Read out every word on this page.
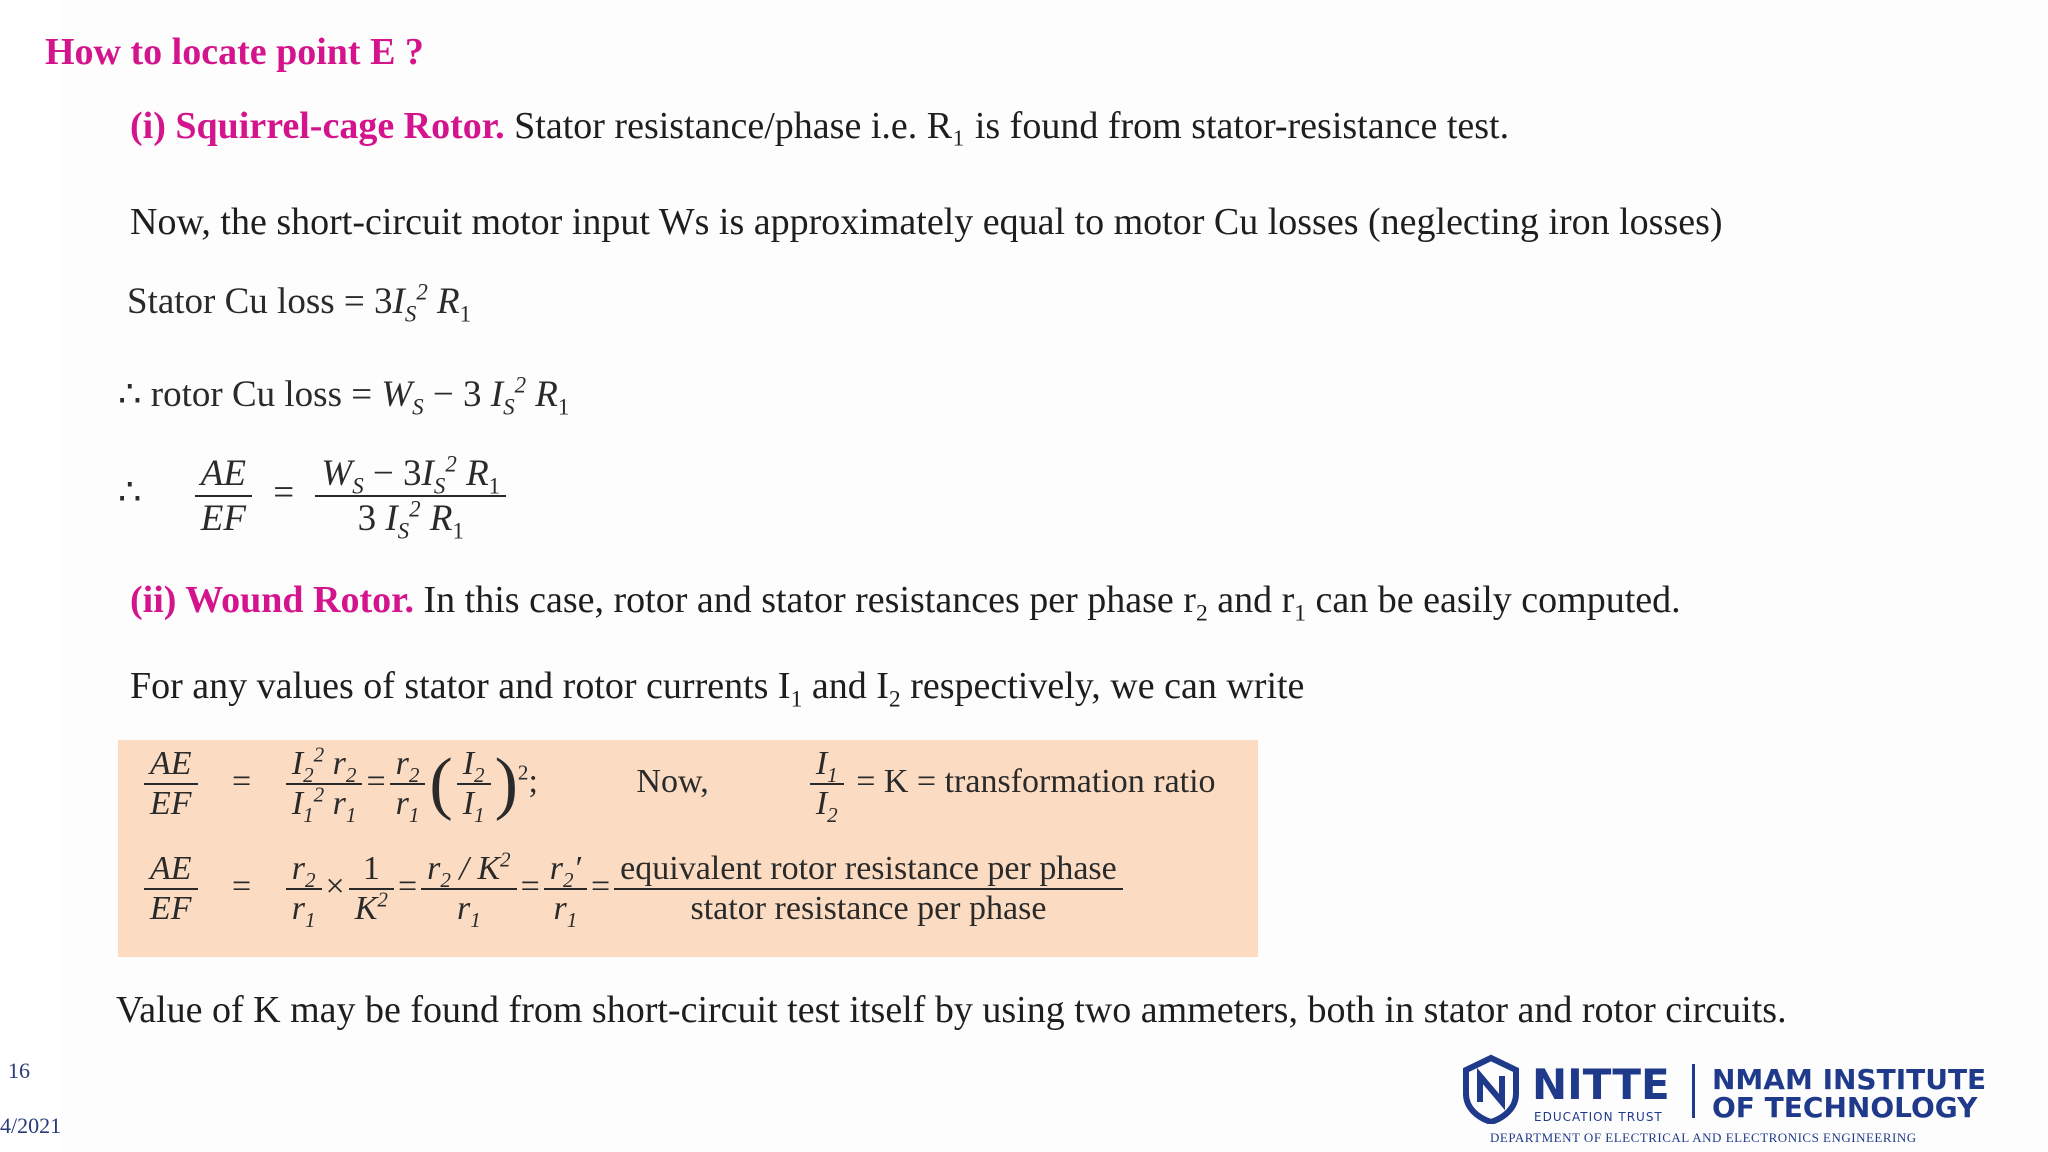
How to locate point E ?
(i) Squirrel-cage Rotor. Stator resistance/phase i.e. R₁ is found from stator-resistance test.
Now, the short-circuit motor input Ws is approximately equal to motor Cu losses (neglecting iron losses)
Stator Cu loss = $3I_S^2$ $R_1$
∴ rotor Cu loss = $W_S - 3$ $I_S^2$ $R_1$
∴ $\frac{AE}{EF} = \frac{W_S - 3I_S^2 R_1}{3 I_S^2 R_1}$
(ii) Wound Rotor. In this case, rotor and stator resistances per phase $r_2$ and $r_1$ can be easily computed.
For any values of stator and rotor currents $I_1$ and $I_2$ respectively, we can write
$\frac{AE}{EF} = \frac{I_2^2 r_2}{I_1^2 r_1} = \frac{r_2}{r_1}$ ( $\frac{I_2}{I_1} )^2$;	Now,	$\frac{I_1}{I_2} = K$ = transformation ratio
$\frac{AE}{EF} = \frac{r_2}{r_1} \times \frac{1}{K^2} = \frac{r_2 / K^2}{r_1} = \frac{r_2'}{r_1} = \frac{\text{equivalent rotor resistance per phase}}{\text{stator resistance per phase}}$
Value of K may be found from short-circuit test itself by using two ammeters, both in stator and rotor circuits.
16
4/2021
NITTE
EDUCATION TRUST
NMAM INSTITUTE
OF TECHNOLOGY
DEPARTMENT OF ELECTRICAL AND ELECTRONICS ENGINEERING
